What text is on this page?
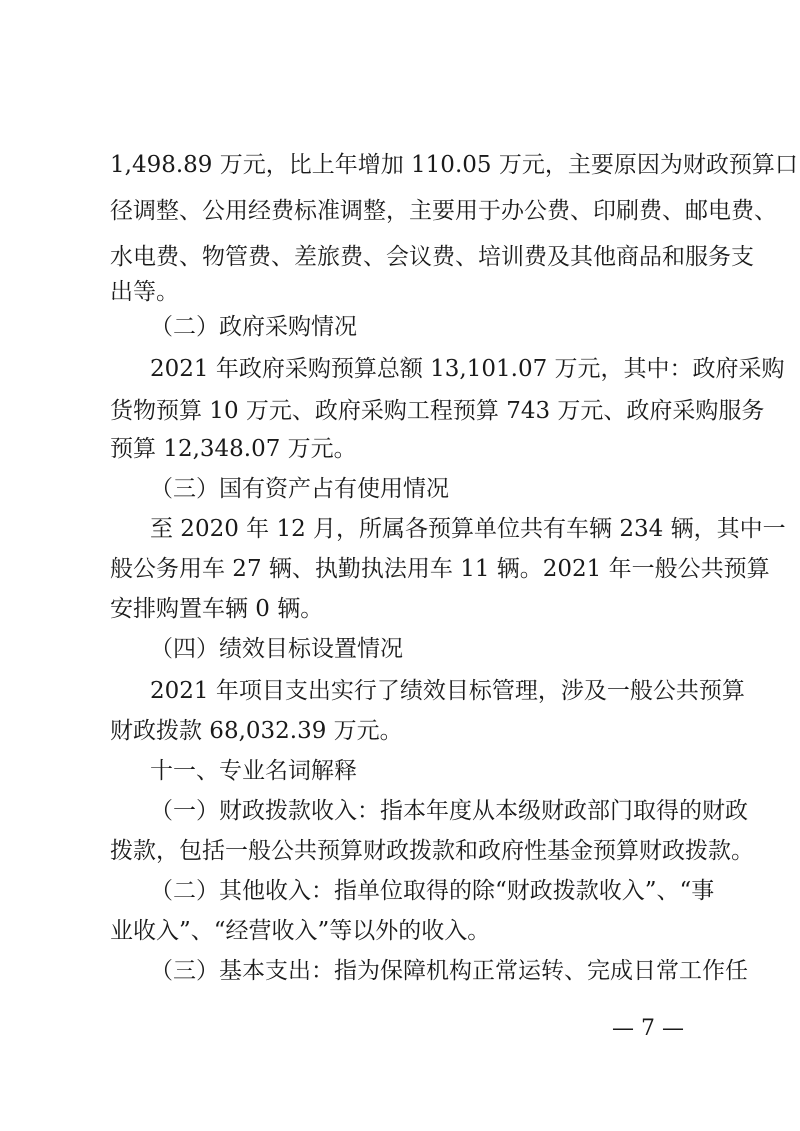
1,498.89 万元，比上年增加 110.05 万元，主要原因为财政预算口
径调整、公用经费标准调整，主要用于办公费、印刷费、邮电费、
水电费、物管费、差旅费、会议费、培训费及其他商品和服务支
出等。
（二）政府采购情况
2021 年政府采购预算总额 13,101.07 万元，其中：政府采购
货物预算 10 万元、政府采购工程预算 743 万元、政府采购服务
预算 12,348.07 万元。
（三）国有资产占有使用情况
至 2020 年 12 月，所属各预算单位共有车辆 234 辆，其中一
般公务用车 27 辆、执勤执法用车 11 辆。2021 年一般公共预算
安排购置车辆 0 辆。
（四）绩效目标设置情况
2021 年项目支出实行了绩效目标管理，涉及一般公共预算
财政拨款 68,032.39 万元。
十一、专业名词解释
（一）财政拨款收入：指本年度从本级财政部门取得的财政
拨款，包括一般公共预算财政拨款和政府性基金预算财政拨款。
（二）其他收入：指单位取得的除“财政拨款收入”、“事
业收入”、“经营收入”等以外的收入。
（三）基本支出：指为保障机构正常运转、完成日常工作任
— 7 —
